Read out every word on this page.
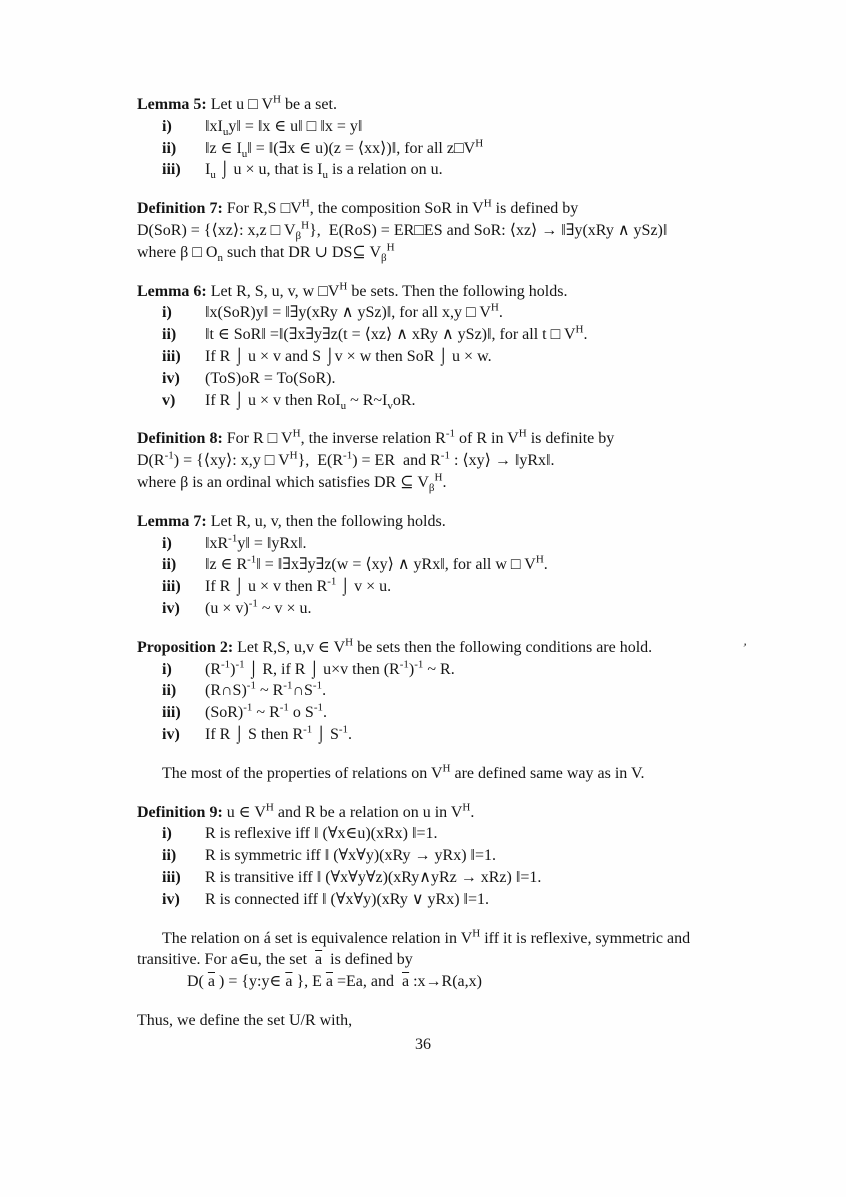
Lemma 5: Let u □ $V^H$ be a set.
i)	$‖xI_uy‖$ = ‖x ∈ u‖ □ ‖x = y‖
ii)	‖z ∈ $I_u‖$ = ‖(∃x ∈ u)(z = ⟨xx⟩)‖, for all $z□V^H$
iii)	$I_u$ ⌡ u × u, that is $I_u$ is a relation on u.
Definition 7: For R,S $□V^H$, the composition SoR in $V^H$ is defined by
D(SoR) = {⟨xz⟩: x,z □ $V_\beta^H$},  E(RoS) = ER□ES and SoR: ⟨xz⟩ → ‖∃y(xRy ∧ ySz)‖
where β □ $O_n$ such that DR ∪ DS⊆ $V_\beta^H$
Lemma 6: Let R, S, u, v, w $□V^H$ be sets. Then the following holds.
i)	‖x(SoR)y‖ = ‖∃y(xRy ∧ ySz)‖, for all x,y □ $V^H$.
ii)	‖t ∈ SoR‖ =‖(∃x∃y∃z(t = ⟨xz⟩ ∧ xRy ∧ ySz)‖, for all t □ $V^H$.
iii)	If R ⌡ u × v and S ⌡v × w then SoR ⌡ u × w.
iv)	(ToS)oR = To(SoR).
v)	If R ⌡ u × v then RoI$_u$ ~ $R\sim I_voR$.
Definition 8: For R □ $V^H$, the inverse relation $R^{-1}$ of R in $V^H$ is definite by
$D(R^{-1})$ = {⟨xy⟩: x,y □ $V^H$},  $E(R^{-1})$ = ER  and $R^{-1}$ : ⟨xy⟩ → ‖yRx‖.
where β is an ordinal which satisfies DR ⊆ $V_\beta^H$.
Lemma 7: Let R, u, v, then the following holds.
i)	$‖xR^{-1}y‖$ = ‖yRx‖.
ii)	‖z ∈ $R^{-1}‖$ = ‖∃x∃y∃z(w = ⟨xy⟩ ∧ yRx‖, for all w □ $V^H$.
iii)	If R ⌡ u × v then $R^{-1}$ ⌡ v × u.
iv)	$(u \times v)^{-1}$ ~ v × u.
Proposition 2: Let R,S, u,v ∈ $V^H$ be sets then the following conditions are hold.
i)	$(R^{-1})^{-1}$ ⌡ R, if R ⌡ u×v then $(R^{-1})^{-1}$ ~ R.
ii)	(R∩S)$^{-1}$ ~ $R^{-1}\cap S^{-1}$.
iii)	(SoR)$^{-1}$ ~ $R^{-1}$ o $S^{-1}$.
iv)	If R ⌡ S then $R^{-1}$ ⌡ $S^{-1}$.
The most of the properties of relations on $V^H$ are defined same way as in V.
Definition 9: u ∈ $V^H$ and R be a relation on u in $V^H$.
i)	R is reflexive iff ‖ (∀x∈u)(xRx) ‖=1.
ii)	R is symmetric iff ‖ (∀x∀y)(xRy → yRx) ‖=1.
iii)	R is transitive iff ‖ (∀x∀y∀z)(xRy∧yRz → xRz) ‖=1.
iv)	R is connected iff ‖ (∀x∀y)(xRy ∨ yRx) ‖=1.
The relation on á set is equivalence relation in $V^H$ iff it is reflexive, symmetric and
transitive. For a∈u, the set  $\overline{a}$  is defined by
D( $\overline{a}$ ) = {y:y∈ $\overline{a}$ }, E $\overline{a} =Ea$, and  $\overline{a}$ :x→R(a,x)
Thus, we define the set U/R with,
’
36
